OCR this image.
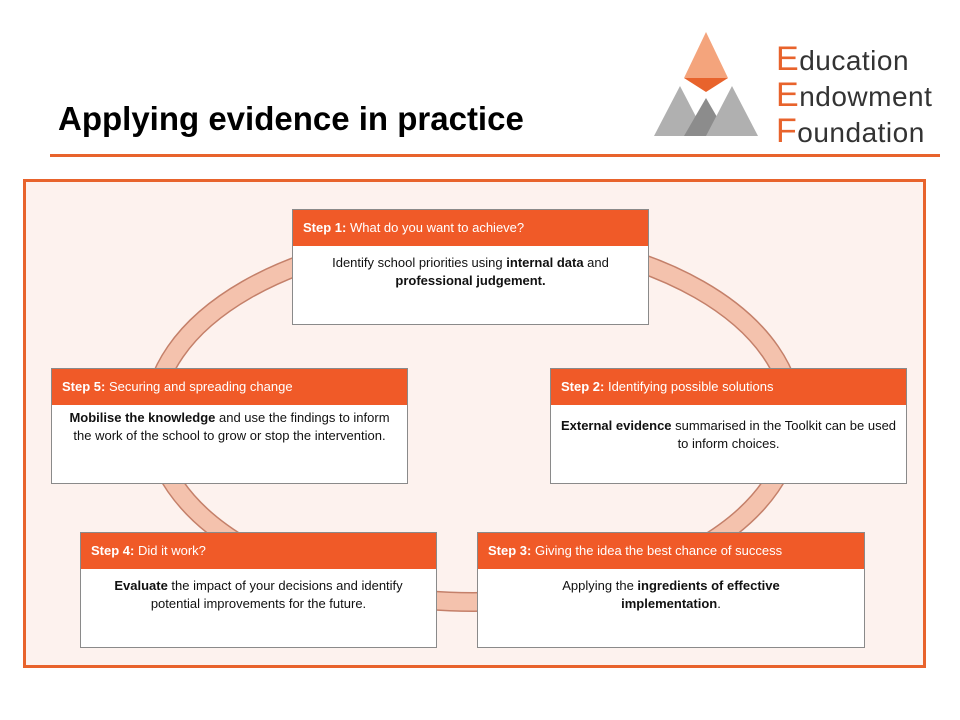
Applying evidence in practice
Education
Endowment
Foundation
Step 1: What do you want to achieve?
Identify school priorities using internal data and professional judgement.
Step 2: Identifying possible solutions
External evidence summarised in the Toolkit can be used to inform choices.
Step 3: Giving the idea the best chance of success
Applying the ingredients of effective implementation.
Step 4: Did it work?
Evaluate the impact of your decisions and identify potential improvements for the future.
Step 5: Securing and spreading change
Mobilise the knowledge and use the findings to inform the work of the school to grow or stop the intervention.
